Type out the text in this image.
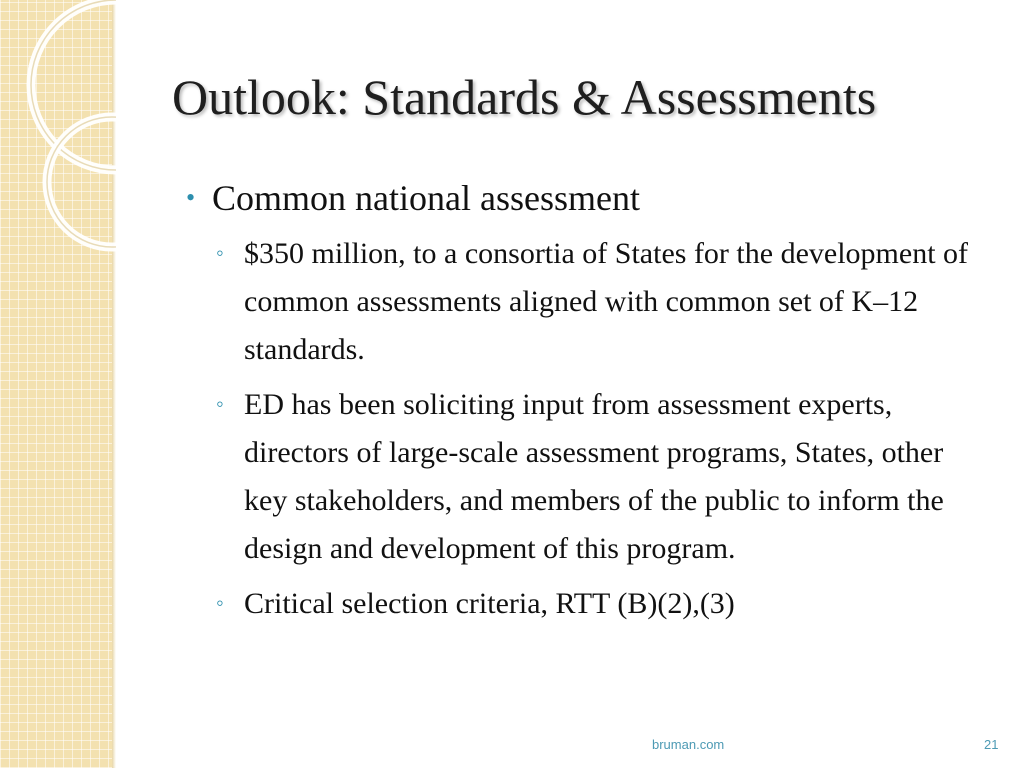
Outlook: Standards & Assessments
• Common national assessment
◦ $350 million, to a consortia of States for the development of common assessments aligned with common set of K–12 standards.
◦ ED has been soliciting input from assessment experts, directors of large-scale assessment programs, States, other key stakeholders, and members of the public to inform the design and development of this program.
◦ Critical selection criteria, RTT (B)(2),(3)
bruman.com	21
